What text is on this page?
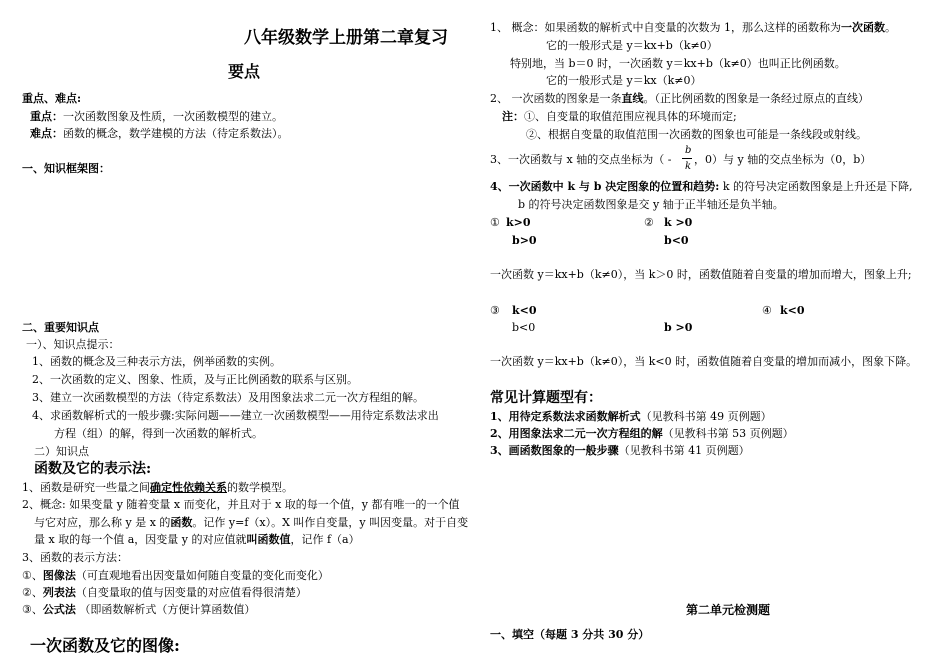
八年级数学上册第二章复习
要点
重点、难点:
重点：一次函数图象及性质，一次函数模型的建立。
难点：函数的概念，数学建模的方法（待定系数法）。
一、知识框架图：
二、重要知识点
一）、知识点提示：
1、函数的概念及三种表示方法，例举函数的实例。
2、一次函数的定义、图象、性质，及与正比例函数的联系与区别。
3、建立一次函数模型的方法（待定系数法）及用图象法求二元一次方程组的解。
4、求函数解析式的一般步骤:实际问题——建立一次函数模型——用待定系数法求出
方程（组）的解，得到一次函数的解析式。
二）知识点
函数及它的表示法:
1、函数是研究一些量之间确定性依赖关系的数学模型。
2、概念: 如果变量 y 随着变量 x 而变化，并且对于 x 取的每一个值，y 都有唯一的一个值
与它对应，那么称 y 是 x 的函数。记作 y=f（x）。X 叫作自变量，y 叫因变量。对于自变
量 x 取的每一个值 a，因变量 y 的对应值就叫函数值，记作 f（a）
3、函数的表示方法：
①、图像法（可直观地看出因变量如何随自变量的变化而变化）
②、列表法（自变量取的值与因变量的对应值看得很清楚）
③、公式法 （即函数解析式（方便计算函数值）
一次函数及它的图像:
1、 概念：如果函数的解析式中自变量的次数为 1，那么这样的函数称为一次函数。
它的一般形式是 y＝kx+b（k≠0）
特别地，当 b＝0 时，一次函数 y＝kx+b（k≠0）也叫正比例函数。
它的一般形式是 y＝kx（k≠0）
2、 一次函数的图象是一条直线。（正比例函数的图象是一条经过原点的直线）
注：①、自变量的取值范围应视具体的环境而定;
②、根据自变量的取值范围一次函数的图象也可能是一条线段或射线。
3、一次函数与 x 轴的交点坐标为（ -
b
k
，0）与 y 轴的交点坐标为（0，b）
4、一次函数中 k 与 b 决定图象的位置和趋势: k 的符号决定函数图象是上升还是下降,
b 的符号决定函数图象是交 y 轴于正半轴还是负半轴。
① k>0
b>0
② k >0
b<0
一次函数 y＝kx+b（k≠0），当 k＞0 时，函数值随着自变量的增加而增大，图象上升;
③ k<0
b<0
④ k<0
b >0
一次函数 y＝kx+b（k≠0），当 k<0 时，函数值随着自变量的增加而减小，图象下降。
常见计算题型有：
1、用待定系数法求函数解析式（见教科书第 49 页例题）
2、用图象法求二元一次方程组的解（见教科书第 53 页例题）
3、画函数图象的一般步骤（见教科书第 41 页例题）
第二单元检测题
一、填空（每题 3 分共 30 分）
